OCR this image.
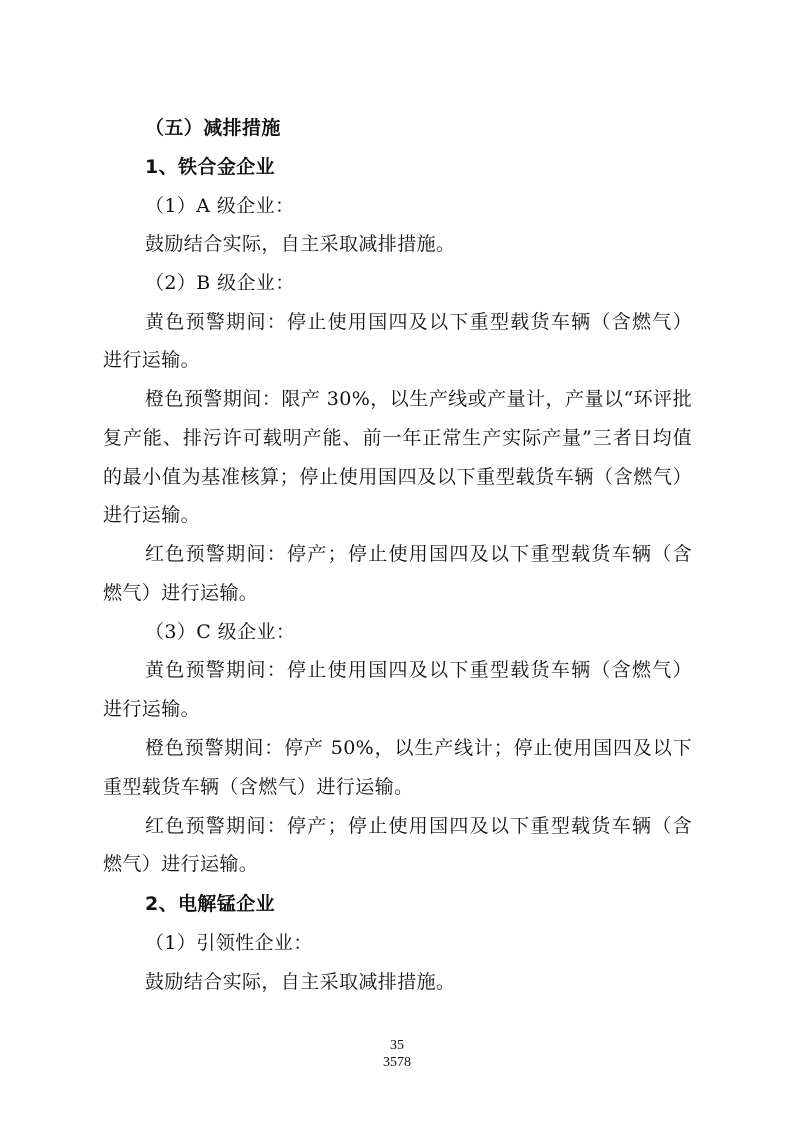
（五）减排措施
1、铁合金企业
（1）A 级企业：
鼓励结合实际，自主采取减排措施。
（2）B 级企业：
黄色预警期间：停止使用国四及以下重型载货车辆（含燃气）
进行运输。
橙色预警期间：限产 30%，以生产线或产量计，产量以“环评批
复产能、排污许可载明产能、前一年正常生产实际产量”三者日均值
的最小值为基准核算；停止使用国四及以下重型载货车辆（含燃气）
进行运输。
红色预警期间：停产；停止使用国四及以下重型载货车辆（含
燃气）进行运输。
（3）C 级企业：
黄色预警期间：停止使用国四及以下重型载货车辆（含燃气）
进行运输。
橙色预警期间：停产 50%，以生产线计；停止使用国四及以下
重型载货车辆（含燃气）进行运输。
红色预警期间：停产；停止使用国四及以下重型载货车辆（含
燃气）进行运输。
2、电解锰企业
（1）引领性企业：
鼓励结合实际，自主采取减排措施。
35
3578
